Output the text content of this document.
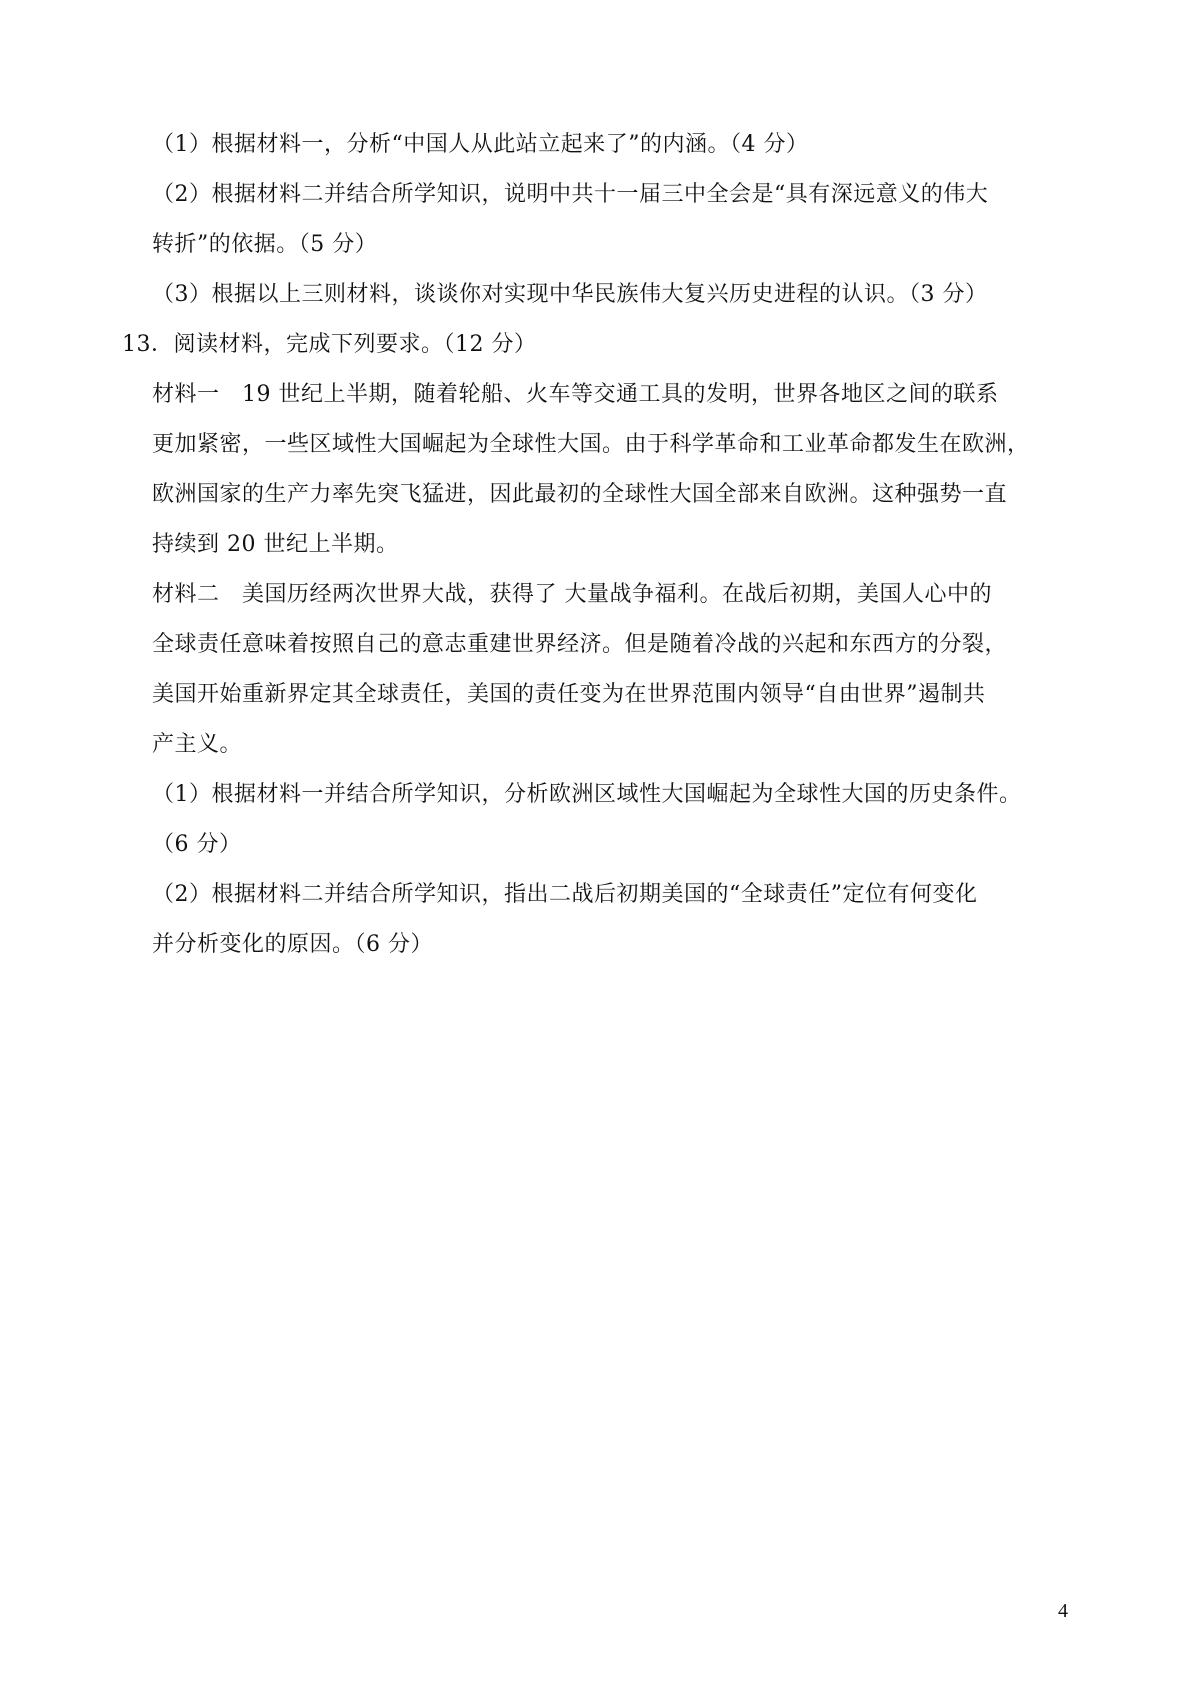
（1）根据材料一，分析“中国人从此站立起来了”的内涵。（4 分）
（2）根据材料二并结合所学知识，说明中共十一届三中全会是“具有深远意义的伟大
转折”的依据。（5 分）
（3）根据以上三则材料，谈谈你对实现中华民族伟大复兴历史进程的认识。（3 分）
13．阅读材料，完成下列要求。（12 分）
材料一　19 世纪上半期，随着轮船、火车等交通工具的发明，世界各地区之间的联系
更加紧密，一些区域性大国崛起为全球性大国。由于科学革命和工业革命都发生在欧洲，
欧洲国家的生产力率先突飞猛进，因此最初的全球性大国全部来自欧洲。这种强势一直
持续到 20 世纪上半期。
材料二　美国历经两次世界大战，获得了 大量战争福利。在战后初期，美国人心中的
全球责任意味着按照自己的意志重建世界经济。但是随着冷战的兴起和东西方的分裂，
美国开始重新界定其全球责任，美国的责任变为在世界范围内领导“自由世界”遏制共
产主义。
（1）根据材料一并结合所学知识，分析欧洲区域性大国崛起为全球性大国的历史条件。
（6 分）
（2）根据材料二并结合所学知识，指出二战后初期美国的“全球责任”定位有何变化
并分析变化的原因。（6 分）
4
